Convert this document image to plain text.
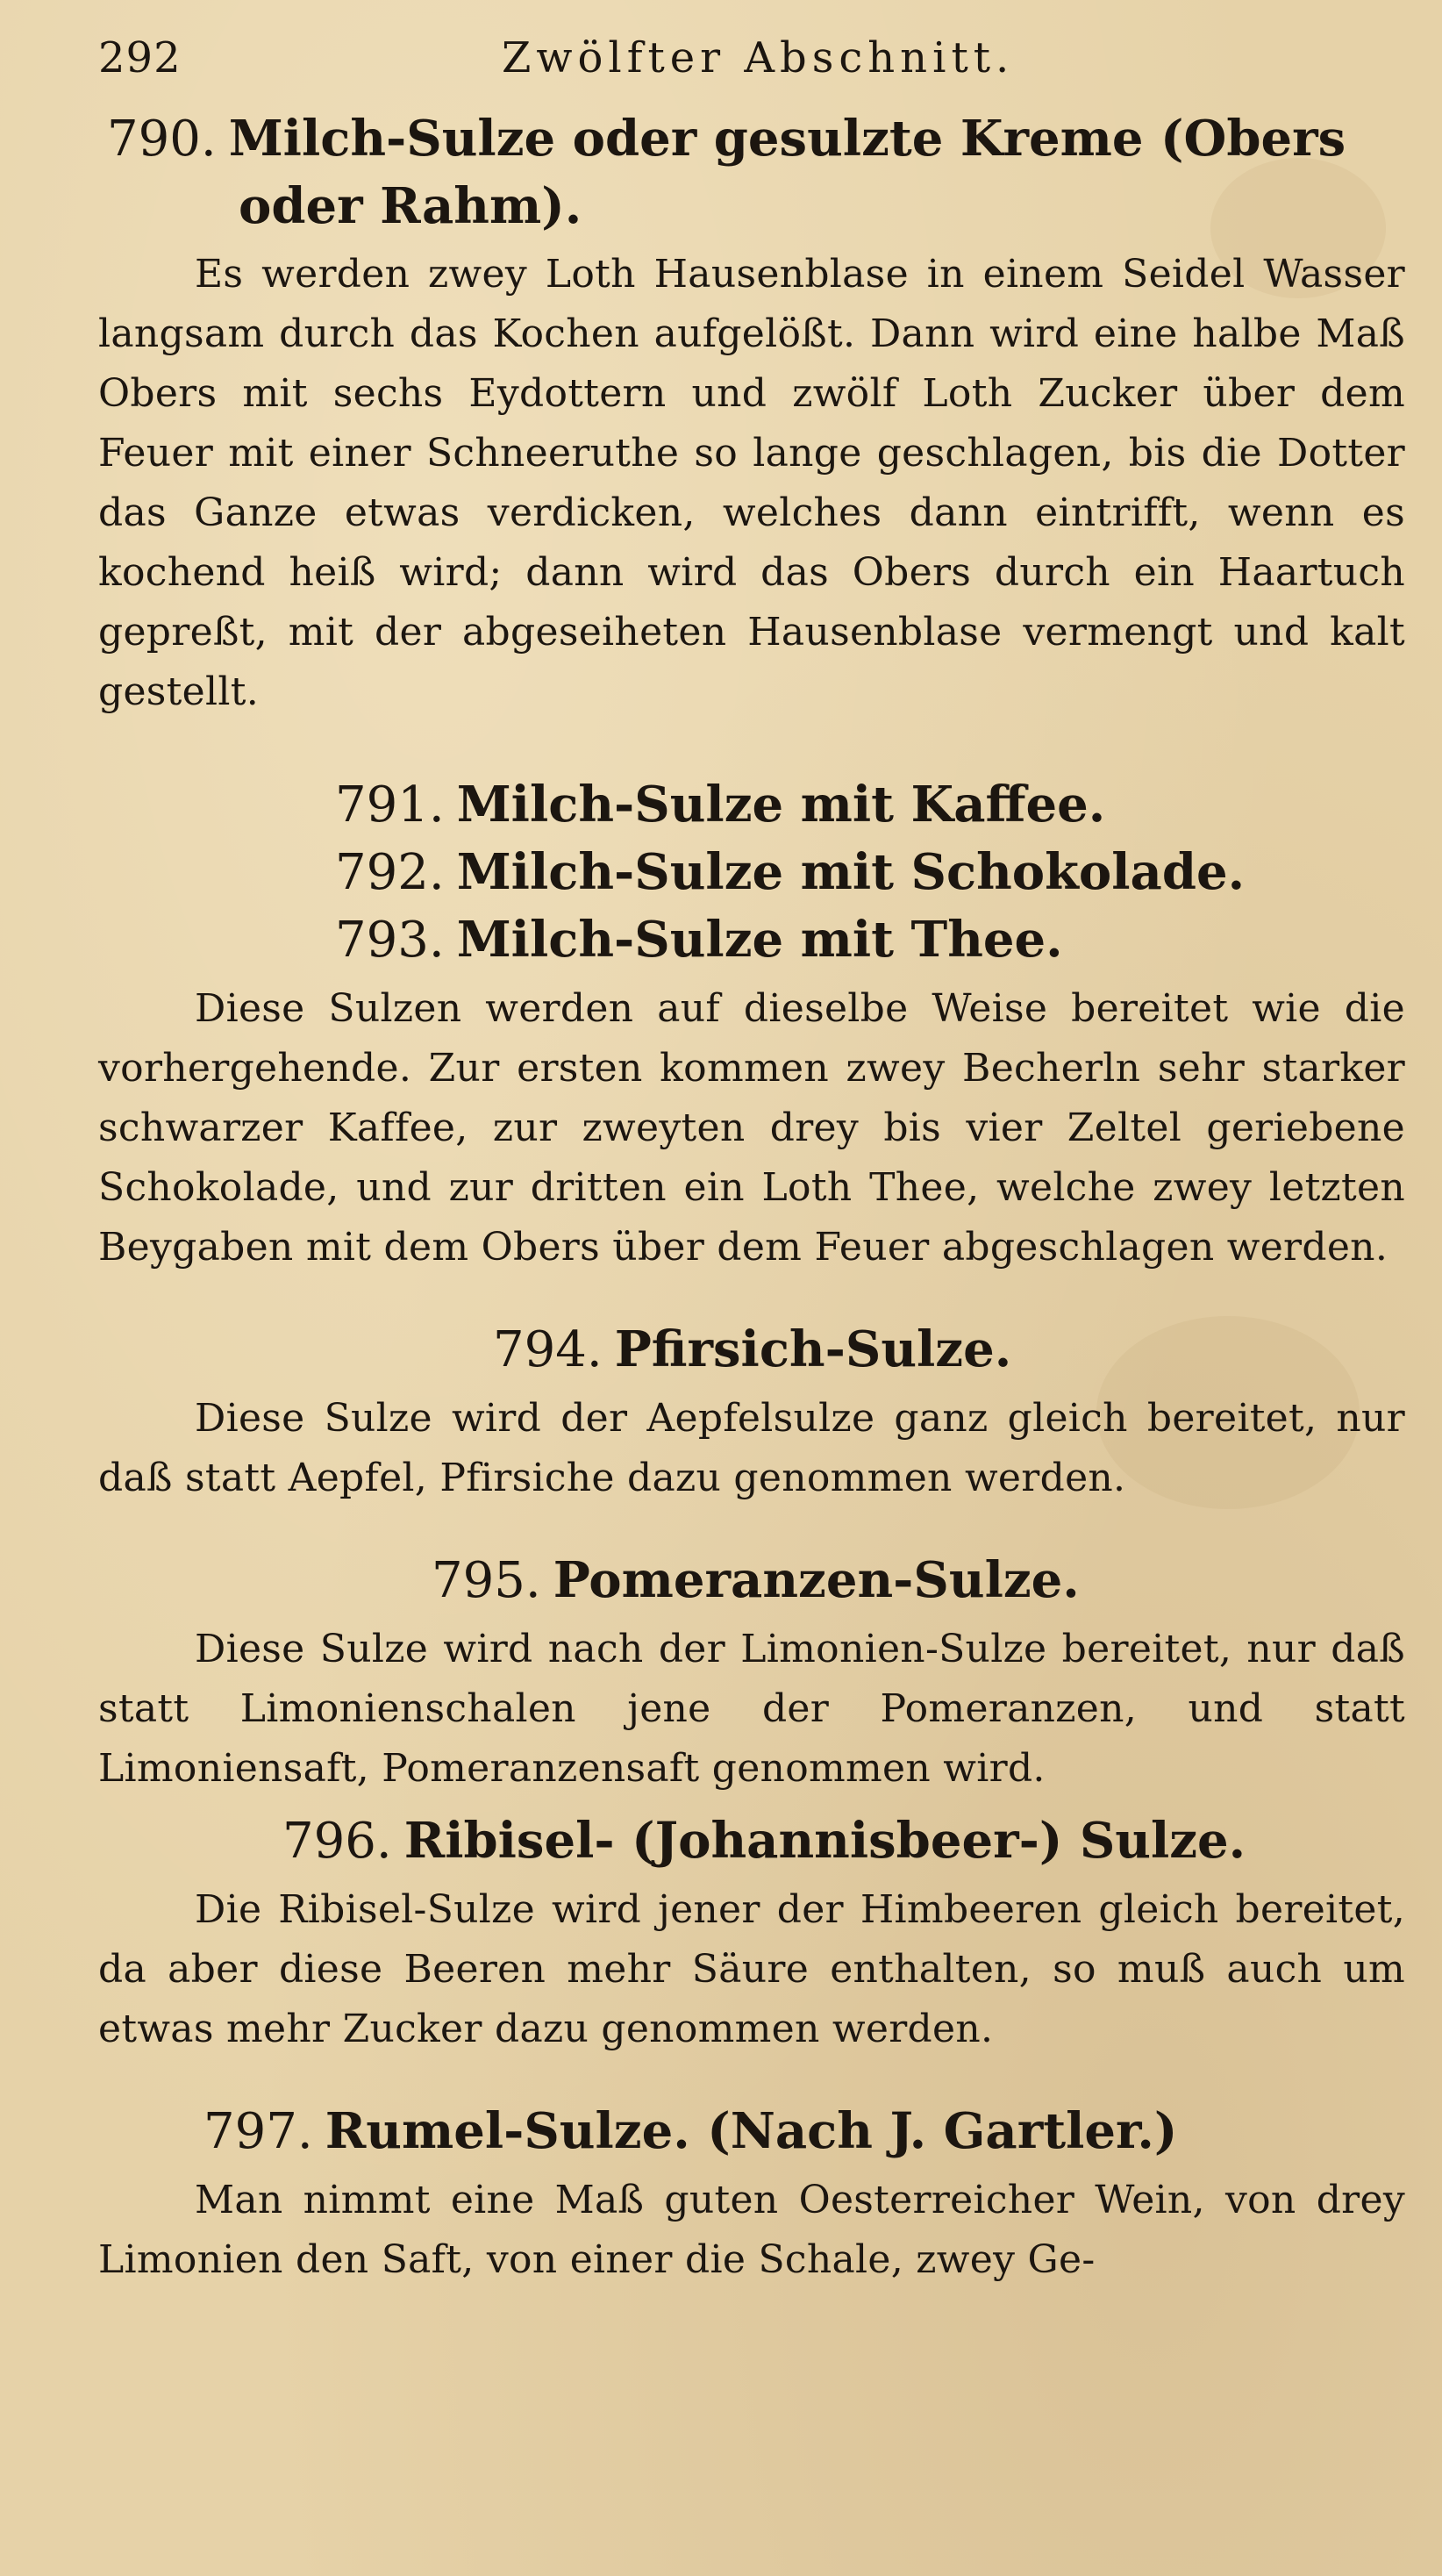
292	Zwölfter Abschnitt.

790. Milch-Sulze oder gesulzte Kreme (Obers oder Rahm).

Es werden zwey Loth Hausenblase in einem Seidel Wasser langsam durch das Kochen aufgelößt. Dann wird eine halbe Maß Obers mit sechs Eydottern und zwölf Loth Zucker über dem Feuer mit einer Schneeruthe so lange geschlagen, bis die Dotter das Ganze etwas verdicken, welches dann eintrifft, wenn es kochend heiß wird; dann wird das Obers durch ein Haartuch gepreßt, mit der abgeseiheten Hausenblase vermengt und kalt gestellt.

791. Milch-Sulze mit Kaffee.

792. Milch-Sulze mit Schokolade.

793. Milch-Sulze mit Thee.

Diese Sulzen werden auf dieselbe Weise bereitet wie die vorhergehende. Zur ersten kommen zwey Becherln sehr starker schwarzer Kaffee, zur zweyten drey bis vier Zeltel geriebene Schokolade, und zur dritten ein Loth Thee, welche zwey letzten Beygaben mit dem Obers über dem Feuer abgeschlagen werden.

794. Pfirsich-Sulze.

Diese Sulze wird der Aepfelsulze ganz gleich bereitet, nur daß statt Aepfel, Pfirsiche dazu genommen werden.

795. Pomeranzen-Sulze.

Diese Sulze wird nach der Limonien-Sulze bereitet, nur daß statt Limonienschalen jene der Pomeranzen, und statt Limoniensaft, Pomeranzensaft genommen wird.

796. Ribisel- (Johannisbeer-) Sulze.

Die Ribisel-Sulze wird jener der Himbeeren gleich bereitet, da aber diese Beeren mehr Säure enthalten, so muß auch um etwas mehr Zucker dazu genommen werden.

797. Rumel-Sulze. (Nach J. Gartler.)

Man nimmt eine Maß guten Oesterreicher Wein, von drey Limonien den Saft, von einer die Schale, zwey Ge-
